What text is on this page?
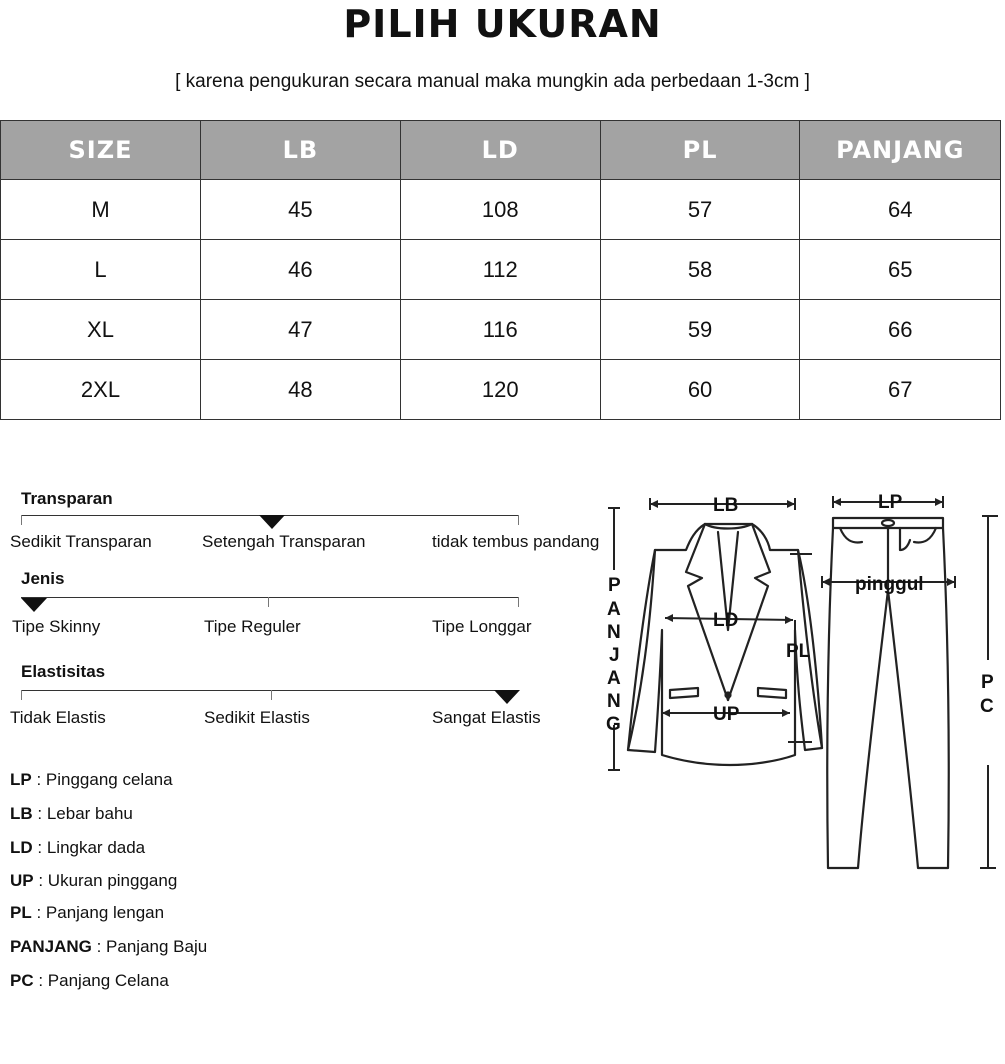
PILIH UKURAN
[ karena pengukuran secara manual maka mungkin ada perbedaan 1-3cm ]
SIZE	LB	LD	PL	PANJANG
M	45	108	57	64
L	46	112	58	65
XL	47	116	59	66
2XL	48	120	60	67
Transparan
Sedikit Transparan	Setengah Transparan	tidak tembus pandang
Jenis
Tipe Skinny	Tipe Reguler	Tipe Longgar
Elastisitas
Tidak Elastis	Sedikit Elastis	Sangat Elastis
LP : Pinggang celana
LB : Lebar bahu
LD : Lingkar dada
UP : Ukuran pinggang
PL : Panjang lengan
PANJANG : Panjang Baju
PC : Panjang Celana
LB	LP
pinggul
LD
UP
PL
P
A
N
J
A
N
G
P
C
